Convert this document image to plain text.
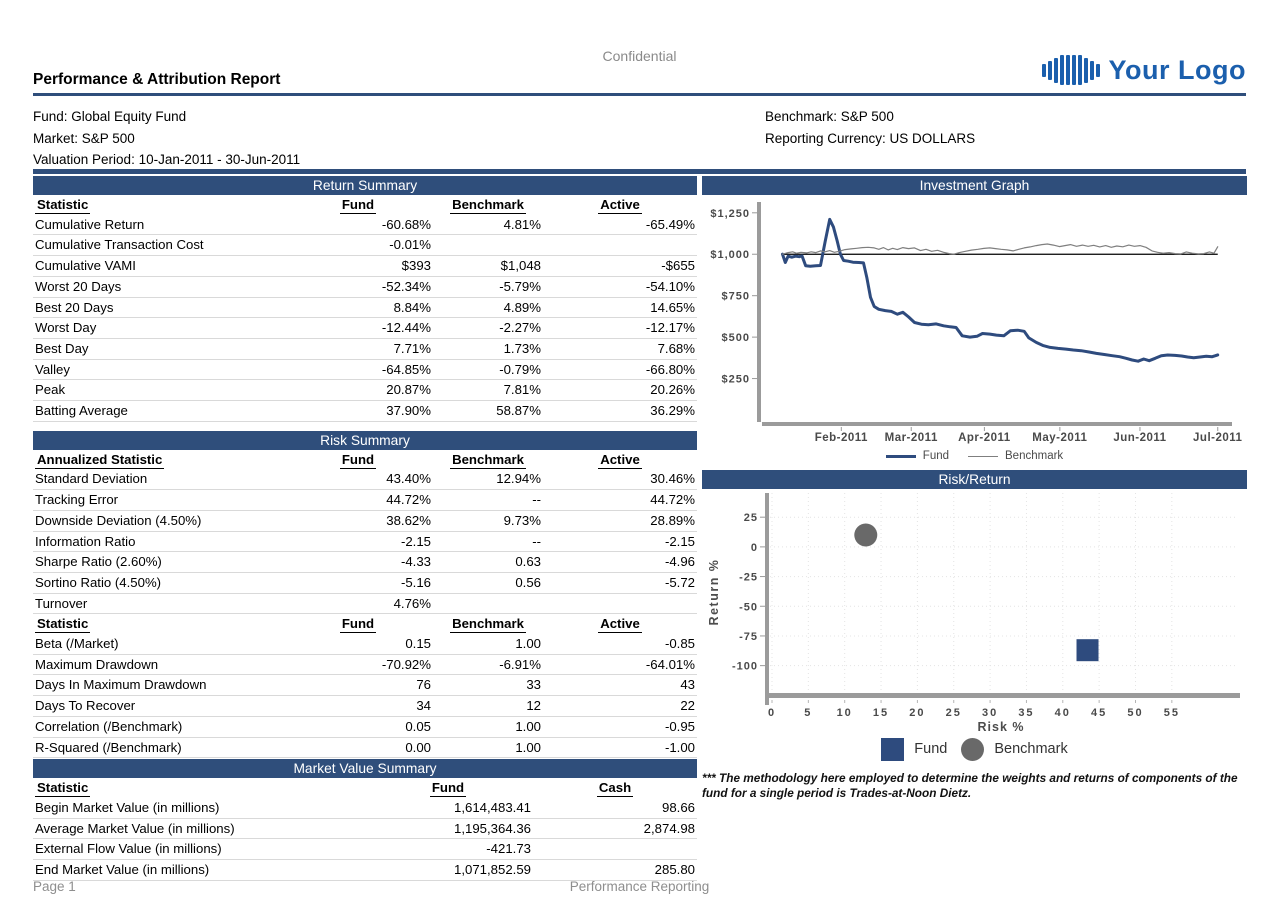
Confidential
Performance & Attribution Report	Your Logo
Fund: Global Equity Fund
Market: S&P 500
Valuation Period: 10-Jan-2011 - 30-Jun-2011
Benchmark: S&P 500
Reporting Currency: US DOLLARS
Return Summary
Statistic	Fund	Benchmark	Active
Cumulative Return	-60.68%	4.81%	-65.49%
Cumulative Transaction Cost	-0.01%		
Cumulative VAMI	$393	$1,048	-$655
Worst 20 Days	-52.34%	-5.79%	-54.10%
Best 20 Days	8.84%	4.89%	14.65%
Worst Day	-12.44%	-2.27%	-12.17%
Best Day	7.71%	1.73%	7.68%
Valley	-64.85%	-0.79%	-66.80%
Peak	20.87%	7.81%	20.26%
Batting Average	37.90%	58.87%	36.29%
Risk Summary
Annualized Statistic	Fund	Benchmark	Active
Standard Deviation	43.40%	12.94%	30.46%
Tracking Error	44.72%	--	44.72%
Downside Deviation (4.50%)	38.62%	9.73%	28.89%
Information Ratio	-2.15	--	-2.15
Sharpe Ratio (2.60%)	-4.33	0.63	-4.96
Sortino Ratio (4.50%)	-5.16	0.56	-5.72
Turnover	4.76%		
Statistic	Fund	Benchmark	Active
Beta (/Market)	0.15	1.00	-0.85
Maximum Drawdown	-70.92%	-6.91%	-64.01%
Days In Maximum Drawdown	76	33	43
Days To Recover	34	12	22
Correlation (/Benchmark)	0.05	1.00	-0.95
R-Squared (/Benchmark)	0.00	1.00	-1.00
Market Value Summary
Statistic	Fund	Cash
Begin Market Value (in millions)	1,614,483.41	98.66
Average Market Value (in millions)	1,195,364.36	2,874.98
External Flow Value (in millions)	-421.73	
End Market Value (in millions)	1,071,852.59	285.80
Investment Graph
$1,250
$1,000
$750
$500
$250
Feb-2011 Mar-2011 Apr-2011 May-2011 Jun-2011 Jul-2011
Fund	Benchmark
Risk/Return
25
0
-25
-50
-75
-100
0	5 10 15 20 25 30 35 40 45 50 55
Risk %
Return %
Fund	Benchmark
*** The methodology here employed to determine the weights and returns of components of the fund for a single period is Trades-at-Noon Dietz.
Page 1	Performance Reporting
